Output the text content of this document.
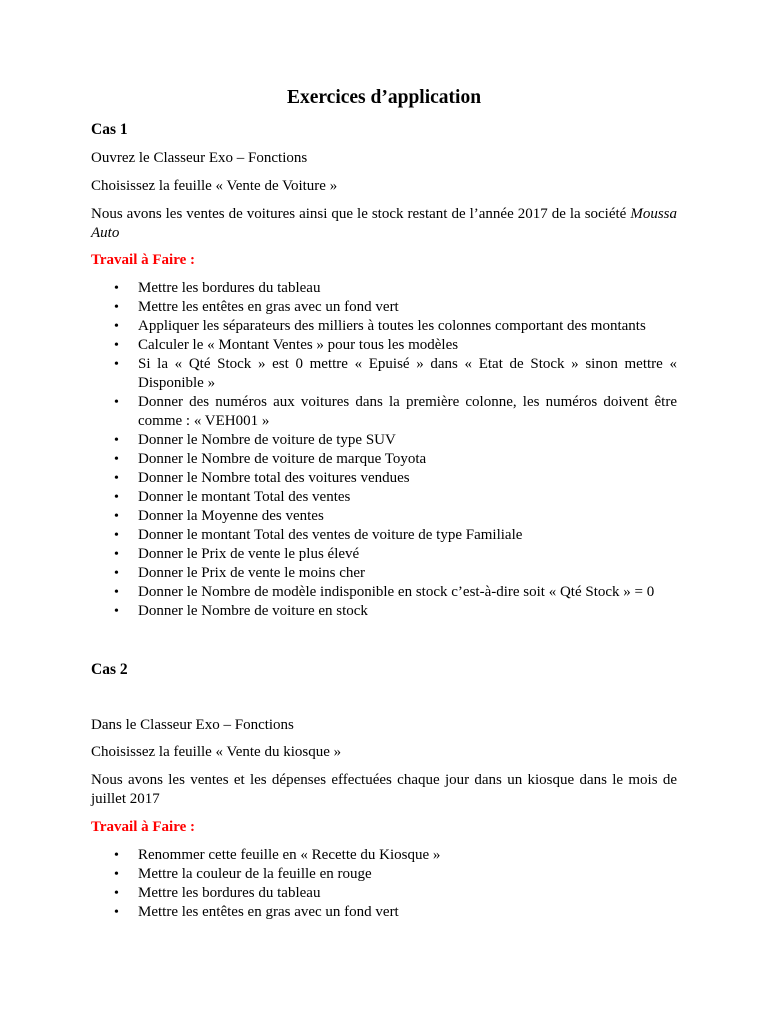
Exercices d’application
Cas 1
Ouvrez le Classeur Exo – Fonctions
Choisissez la feuille « Vente de Voiture »
Nous avons les ventes de voitures ainsi que le stock restant de l’année 2017 de la société Moussa Auto
Travail à Faire :
• Mettre les bordures du tableau
• Mettre les entêtes en gras avec un fond vert
• Appliquer les séparateurs des milliers à toutes les colonnes comportant des montants
• Calculer le « Montant Ventes » pour tous les modèles
• Si la « Qté Stock » est 0 mettre « Epuisé » dans « Etat de Stock » sinon mettre « Disponible »
• Donner des numéros aux voitures dans la première colonne, les numéros doivent être comme : « VEH001 »
• Donner le Nombre de voiture de type SUV
• Donner le Nombre de voiture de marque Toyota
• Donner le Nombre total des voitures vendues
• Donner le montant Total des ventes
• Donner la Moyenne des ventes
• Donner le montant Total des ventes de voiture de type Familiale
• Donner le Prix de vente le plus élevé
• Donner le Prix de vente le moins cher
• Donner le Nombre de modèle indisponible en stock c’est-à-dire soit « Qté Stock » = 0
• Donner le Nombre de voiture en stock
Cas 2
Dans le Classeur Exo – Fonctions
Choisissez la feuille « Vente du kiosque »
Nous avons les ventes et les dépenses effectuées chaque jour dans un kiosque dans le mois de juillet 2017
Travail à Faire :
• Renommer cette feuille en « Recette du Kiosque »
• Mettre la couleur de la feuille en rouge
• Mettre les bordures du tableau
• Mettre les entêtes en gras avec un fond vert
